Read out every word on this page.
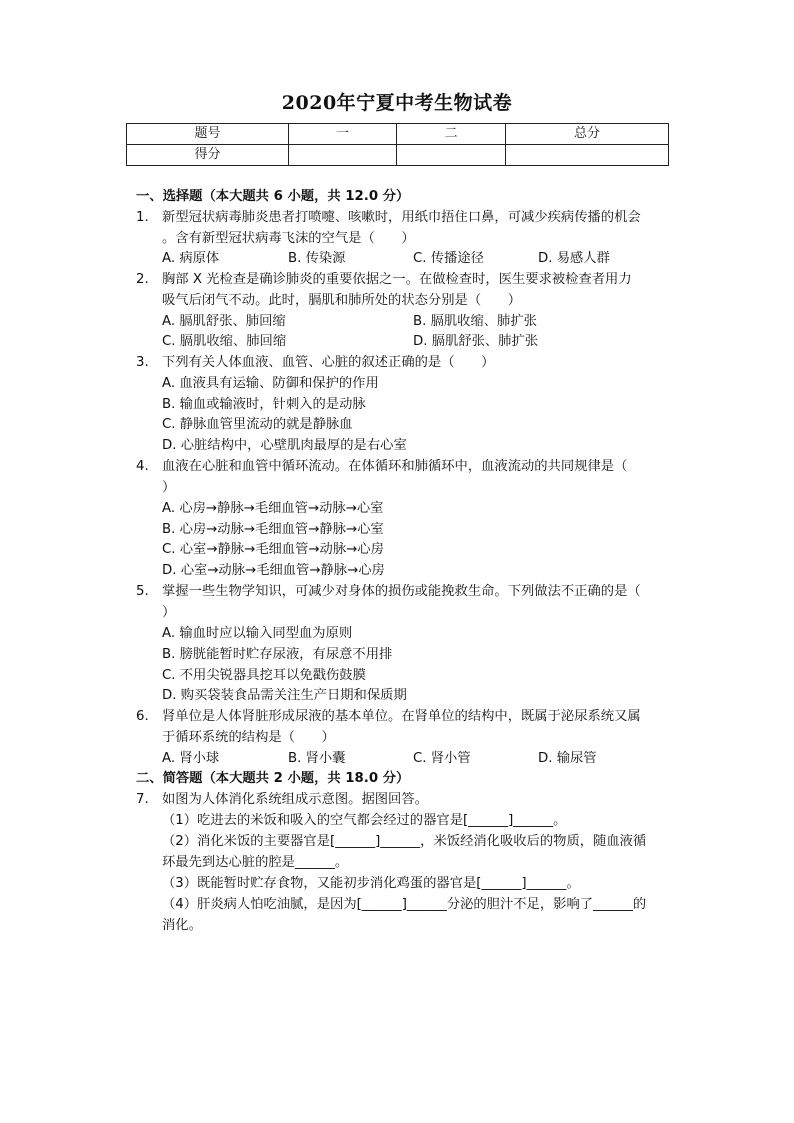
2020年宁夏中考生物试卷
题号	一	二	总分
得分			
一、选择题（本大题共 6 小题，共 12.0 分）
1. 新型冠状病毒肺炎患者打喷嚏、咳嗽时，用纸巾捂住口鼻，可减少疾病传播的机会
。含有新型冠状病毒飞沫的空气是（　　）
A. 病原体	B. 传染源	C. 传播途径	D. 易感人群
2. 胸部 X 光检查是确诊肺炎的重要依据之一。在做检查时，医生要求被检查者用力
吸气后闭气不动。此时，膈肌和肺所处的状态分别是（　　）
A. 膈肌舒张、肺回缩	B. 膈肌收缩、肺扩张
C. 膈肌收缩、肺回缩	D. 膈肌舒张、肺扩张
3. 下列有关人体血液、血管、心脏的叙述正确的是（　　）
A. 血液具有运输、防御和保护的作用
B. 输血或输液时，针刺入的是动脉
C. 静脉血管里流动的就是静脉血
D. 心脏结构中，心壁肌肉最厚的是右心室
4. 血液在心脏和血管中循环流动。在体循环和肺循环中，血液流动的共同规律是（
）
A. 心房→静脉→毛细血管→动脉→心室
B. 心房→动脉→毛细血管→静脉→心室
C. 心室→静脉→毛细血管→动脉→心房
D. 心室→动脉→毛细血管→静脉→心房
5. 掌握一些生物学知识，可减少对身体的损伤或能挽救生命。下列做法不正确的是（
）
A. 输血时应以输入同型血为原则
B. 膀胱能暂时贮存尿液，有尿意不用排
C. 不用尖锐器具挖耳以免戳伤鼓膜
D. 购买袋装食品需关注生产日期和保质期
6. 肾单位是人体肾脏形成尿液的基本单位。在肾单位的结构中，既属于泌尿系统又属
于循环系统的结构是（　　）
A. 肾小球	B. 肾小囊	C. 肾小管	D. 输尿管
二、简答题（本大题共 2 小题，共 18.0 分）
7. 如图为人体消化系统组成示意图。据图回答。
（1）吃进去的米饭和吸入的空气都会经过的器官是[______]______。
（2）消化米饭的主要器官是[______]______，米饭经消化吸收后的物质，随血液循
环最先到达心脏的腔是______。
（3）既能暂时贮存食物，又能初步消化鸡蛋的器官是[______]______。
（4）肝炎病人怕吃油腻，是因为[______]______分泌的胆汁不足，影响了______的
消化。
